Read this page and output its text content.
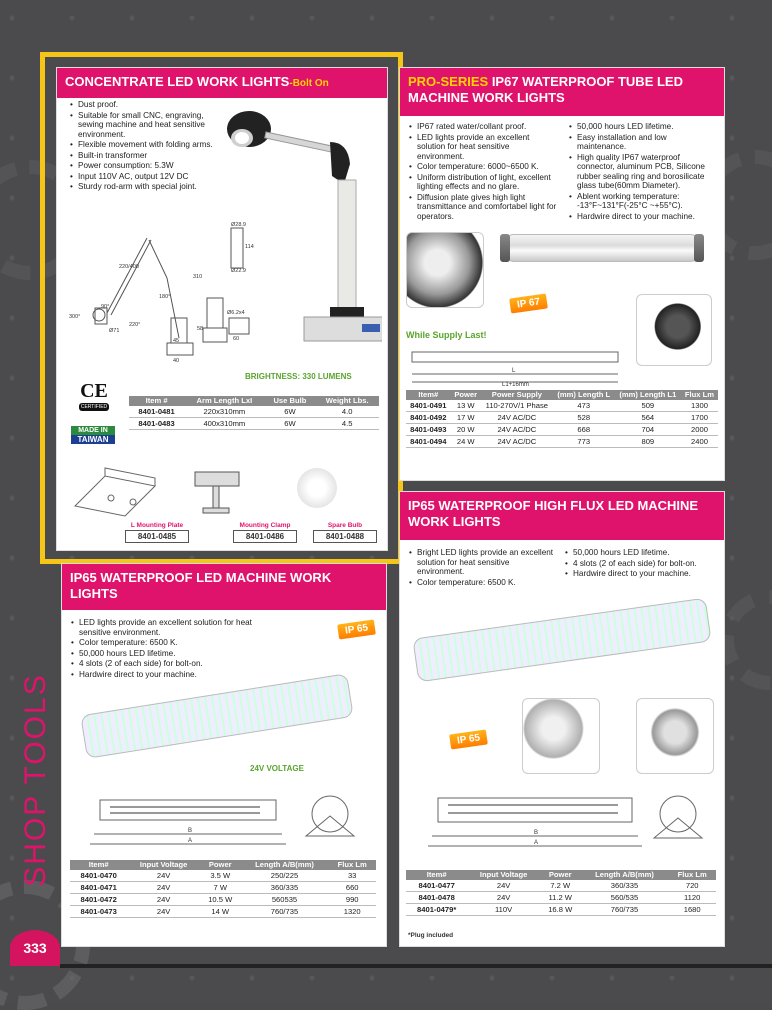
SHOP TOOLS
333
CONCENTRATE LED WORK LIGHTS-Bolt On
• Dust proof.
• Suitable for small CNC, engraving, sewing machine and heat sensitive environment.
• Flexible movement with folding arms.
• Built-in transformer
• Power consumption: 5.3W
• Input 110V AC, output 12V DC
• Sturdy rod-arm with special joint.
220/400
310
300°
90°
220°
180°
Ø71	58
45
40
60
114
Ø6.2x4
Ø28.9
Ø22.9
BRIGHTNESS: 330 LUMENS
CE
CERTIFIED
MADE IN
TAIWAN
Item #	Arm Length LxI	Use Bulb	Weight Lbs.
8401-0481	220x310mm	6W	4.0
8401-0483	400x310mm	6W	4.5
L Mounting Plate
8401-0485
Mounting Clamp
8401-0486
Spare Bulb
8401-0488
PRO-SERIES IP67 WATERPROOF TUBE LED MACHINE WORK LIGHTS
• IP67 rated water/collant proof.
• LED lights provide an excellent solution for heat sensitive environment.
• Color temperature: 6000~6500 K.
• Uniform distribution of light, excellent lighting effects and no glare.
• Diffusion plate gives high light transmittance and comfortabel light for operators.
• 50,000 hours LED lifetime.
• Easy installation and low maintenance.
• High quality IP67 waterproof connector, aluminum PCB, Silicone rubber sealing ring and borosilicate glass tube(60mm Diameter).
• Ablent working temperature: -13°F~131°F(-25°C ~+55°C).
• Hardwire direct to your machine.
IP 67
While Supply Last!
L
L1+16mm
Item#	Power	Power Supply	(mm) Length L	(mm) Length L1	Flux Lm
8401-0491	13 W	110-270V/1 Phase	473	509	1300
8401-0492	17 W	24V AC/DC	528	564	1700
8401-0493	20 W	24V AC/DC	668	704	2000
8401-0494	24 W	24V AC/DC	773	809	2400
IP65 WATERPROOF LED MACHINE WORK LIGHTS
• LED lights provide an excellent solution for heat sensitive environment.
• Color temperature: 6500 K.
• 50,000 hours LED lifetime.
• 4 slots (2 of each side) for bolt-on.
• Hardwire direct to your machine.
IP 65
24V VOLTAGE
B
A
Item#	Input Voltage	Power	Length A/B(mm)	Flux Lm
8401-0470	24V	3.5 W	250/225	33
8401-0471	24V	7 W	360/335	660
8401-0472	24V	10.5 W	560535	990
8401-0473	24V	14 W	760/735	1320
IP65 WATERPROOF HIGH FLUX LED MACHINE WORK LIGHTS
• Bright LED lights provide an excellent solution for heat sensitive environment.
• Color temperature: 6500 K.
• 50,000 hours LED lifetime.
• 4 slots (2 of each side) for bolt-on.
• Hardwire direct to your machine.
IP 65
B
A
Item#	Input Voltage	Power	Length A/B(mm)	Flux Lm
8401-0477	24V	7.2 W	360/335	720
8401-0478	24V	11.2 W	560/535	1120
8401-0479*	110V	16.8 W	760/735	1680
*Plug included
